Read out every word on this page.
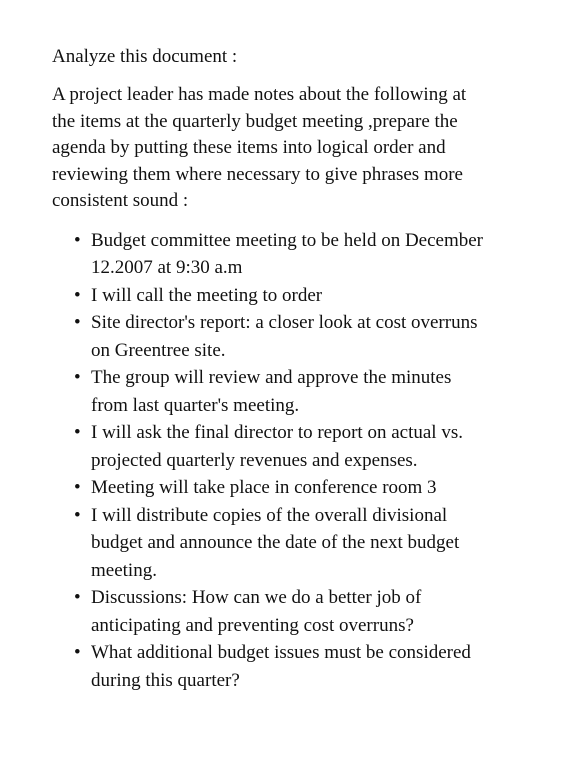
Analyze this document :

A project leader has made notes about the following at
the items at the quarterly budget meeting ,prepare the
agenda by putting these items into logical order and
reviewing them where necessary to give phrases more
consistent sound :

• Budget committee meeting to be held on December
12.2007 at 9:30 a.m
• I will call the meeting to order
• Site director's report: a closer look at cost overruns
on Greentree site.
• The group will review and approve the minutes
from last quarter's meeting.
• I will ask the final director to report on actual vs.
projected quarterly revenues and expenses.
• Meeting will take place in conference room 3
• I will distribute copies of the overall divisional
budget and announce the date of the next budget
meeting.
• Discussions: How can we do a better job of
anticipating and preventing cost overruns?
• What additional budget issues must be considered
during this quarter?
